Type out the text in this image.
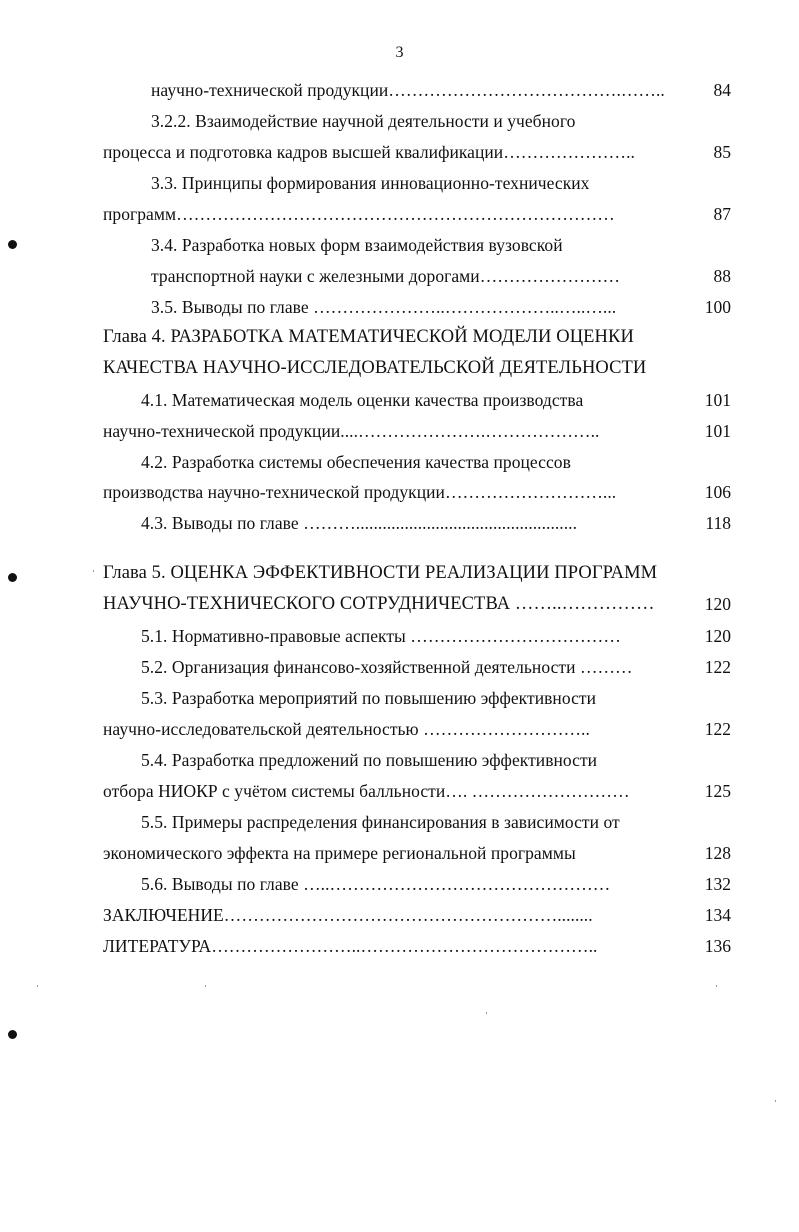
3
научно-технической продукции………………………………….……..	84
3.2.2. Взаимодействие научной деятельности и учебного
процесса и подготовка кадров высшей квалификации…………………..	85
3.3. Принципы формирования инновационно-технических
программ…………………………………………………………………	87
3.4. Разработка новых форм взаимодействия вузовской
транспортной науки с железными дорогами……………………	88
3.5. Выводы по главе …………………..………………..…..…...	100
Глава 4. РАЗРАБОТКА МАТЕМАТИЧЕСКОЙ МОДЕЛИ ОЦЕНКИ
КАЧЕСТВА НАУЧНО-ИССЛЕДОВАТЕЛЬСКОЙ ДЕЯТЕЛЬНОСТИ
4.1. Математическая модель оценки качества производства	101
научно-технической продукции....………………….………………..	101
4.2. Разработка системы обеспечения качества процессов
производства научно-технической продукции………………………...	106
4.3. Выводы по главе ………..................................................	118
Глава 5. ОЦЕНКА ЭФФЕКТИВНОСТИ РЕАЛИЗАЦИИ ПРОГРАММ
НАУЧНО-ТЕХНИЧЕСКОГО СОТРУДНИЧЕСТВА ……..……………	120
5.1. Нормативно-правовые аспекты ………………………………	120
5.2. Организация финансово-хозяйственной деятельности ………	122
5.3. Разработка мероприятий по повышению эффективности
научно-исследовательской деятельностью ………………………..	122
5.4. Разработка предложений по повышению эффективности
отбора НИОКР с учётом системы балльности…. ………………………	125
5.5. Примеры распределения финансирования в зависимости от
экономического эффекта на примере региональной программы	128
5.6. Выводы по главе …..…………………………………………	132
ЗАКЛЮЧЕНИЕ…………………………………………………........	134
ЛИТЕРАТУРА……………………..…………………………………..	136
